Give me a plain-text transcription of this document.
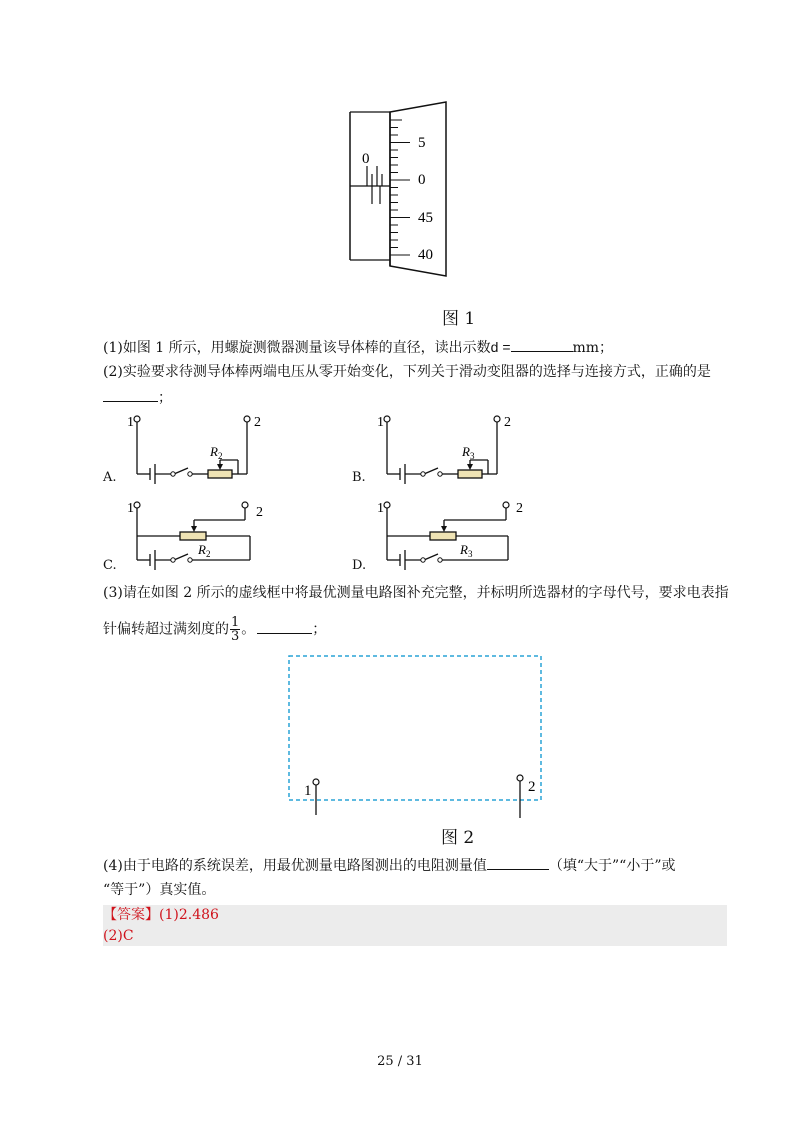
0
5
0
45
40
图 1
(1)如图 1 所示，用螺旋测微器测量该导体棒的直径，读出示数d =	mm；
(2)实验要求待测导体棒两端电压从零开始变化，下列关于滑动变阻器的选择与连接方式，正确的是
；
A.
1	2
$R_2$
B.
1	2
$R_3$
C.
1	2
$R_2$
D.
1	2
$R_3$
(3)请在如图 2 所示的虚线框中将最优测量电路图补充完整，并标明所选器材的字母代号，要求电表指
针偏转超过满刻度的 $\frac{1}{3}$ 。	；
1	2
图 2
(4)由于电路的系统误差，用最优测量电路图测出的电阻测量值	（填“大于”“小于”或
“等于”）真实值。
【答案】(1)2.486
(2)C
25 / 31
